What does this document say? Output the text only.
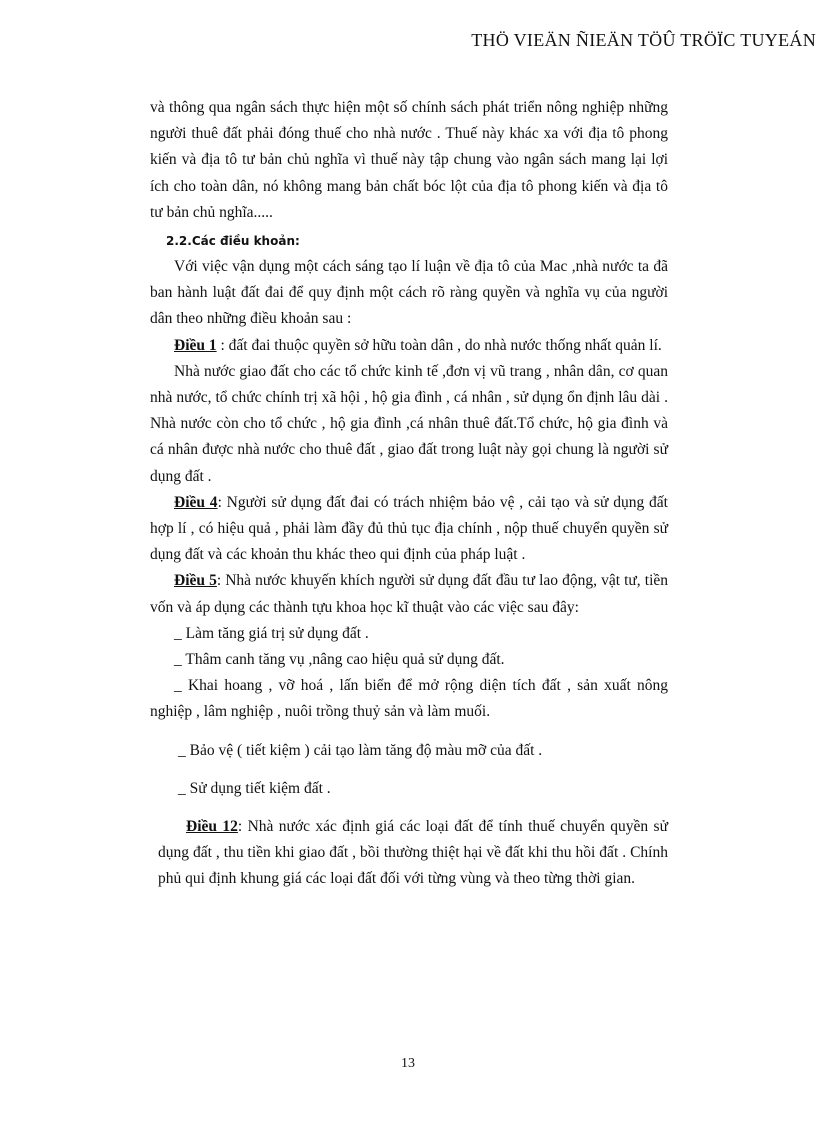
THÖ VIEÄN ÑIEÄN TÖÛ TRÖÏC TUYEÁN

và thông qua ngân sách thực hiện một số chính sách phát triển nông nghiệp những người thuê đất phải đóng thuế cho nhà nước . Thuế này khác xa với địa tô phong kiến và địa tô tư bản chủ nghĩa vì thuế này tập chung vào ngân sách mang lại lợi ích cho toàn dân, nó không mang bản chất bóc lột của địa tô phong kiến và địa tô tư bản chủ nghĩa.....

2.2.Các điều khoản:

Với việc vận dụng một cách sáng tạo lí luận về địa tô của Mac ,nhà nước ta đã ban hành luật đất đai để quy định một cách rõ ràng quyền và nghĩa vụ của người dân theo những điều khoản sau :

Điều 1 : đất đai thuộc quyền sở hữu toàn dân , do nhà nước thống nhất quản lí.

Nhà nước giao đất cho các tổ chức kinh tế ,đơn vị vũ trang , nhân dân, cơ quan nhà nước, tổ chức chính trị xã hội , hộ gia đình , cá nhân , sử dụng ổn định lâu dài . Nhà nước còn cho tổ chức , hộ gia đình ,cá nhân thuê đất.Tổ chức, hộ gia đình và cá nhân được nhà nước cho thuê đất , giao đất trong luật này gọi chung là người sử dụng đất .

Điều 4: Người sử dụng đất đai có trách nhiệm bảo vệ , cải tạo và sử dụng đất hợp lí , có hiệu quả , phải làm đầy đủ thủ tục địa chính , nộp thuế chuyển quyền sử dụng đất và các khoản thu khác theo qui định của pháp luật .

Điều 5: Nhà nước khuyến khích người sử dụng đất đầu tư lao động, vật tư, tiền vốn và áp dụng các thành tựu khoa học kĩ thuật vào các việc sau đây:

_ Làm tăng giá trị sử dụng đất .

_ Thâm canh tăng vụ ,nâng cao hiệu quả sử dụng đất.

_ Khai hoang , vỡ hoá , lấn biển để mở rộng diện tích đất , sản xuất nông nghiệp , lâm nghiệp , nuôi trồng thuỷ sản và làm muối.

_ Bảo vệ ( tiết kiệm ) cải tạo làm tăng độ màu mỡ của đất .

_ Sử dụng tiết kiệm đất .

Điều 12: Nhà nước xác định giá các loại đất để tính thuế chuyển quyền sử dụng đất , thu tiền khi giao đất , bồi thường thiệt hại về đất khi thu hồi đất . Chính phủ qui định khung giá các loại đất đối với từng vùng và theo từng thời gian.

13
